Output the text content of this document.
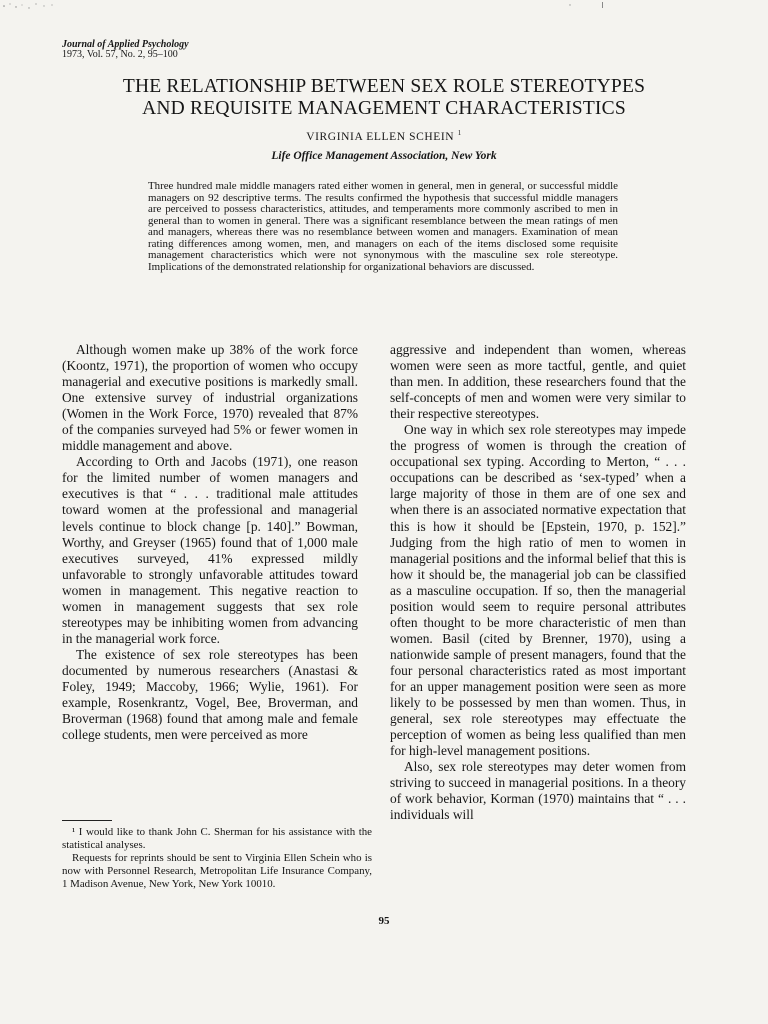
Journal of Applied Psychology
1973, Vol. 57, No. 2, 95–100
THE RELATIONSHIP BETWEEN SEX ROLE STEREOTYPES
AND REQUISITE MANAGEMENT CHARACTERISTICS
VIRGINIA ELLEN SCHEIN $^1$
Life Office Management Association, New York
Three hundred male middle managers rated either women in general, men in general, or successful middle managers on 92 descriptive terms. The results confirmed the hypothesis that successful middle managers are perceived to possess characteristics, attitudes, and temperaments more commonly ascribed to men in general than to women in general. There was a significant resemblance between the mean ratings of men and managers, whereas there was no resemblance between women and managers. Examination of mean rating differences among women, men, and managers on each of the items disclosed some requisite management characteristics which were not synonymous with the masculine sex role stereotype. Implications of the demonstrated relationship for organizational behaviors are discussed.

Although women make up 38% of the work force (Koontz, 1971), the proportion of women who occupy managerial and executive positions is markedly small. One extensive survey of industrial organizations (Women in the Work Force, 1970) revealed that 87% of the companies surveyed had 5% or fewer women in middle management and above.

According to Orth and Jacobs (1971), one reason for the limited number of women managers and executives is that “ . . . traditional male attitudes toward women at the professional and managerial levels continue to block change [p. 140].” Bowman, Worthy, and Greyser (1965) found that of 1,000 male executives surveyed, 41% expressed mildly unfavorable to strongly unfavorable attitudes toward women in management. This negative reaction to women in management suggests that sex role stereotypes may be inhibiting women from advancing in the managerial work force.

The existence of sex role stereotypes has been documented by numerous researchers (Anastasi & Foley, 1949; Maccoby, 1966; Wylie, 1961). For example, Rosenkrantz, Vogel, Bee, Broverman, and Broverman (1968) found that among male and female college students, men were perceived as more

aggressive and independent than women, whereas women were seen as more tactful, gentle, and quiet than men. In addition, these researchers found that the self-concepts of men and women were very similar to their respective stereotypes.

One way in which sex role stereotypes may impede the progress of women is through the creation of occupational sex typing. According to Merton, “ . . . occupations can be described as ‘sex-typed’ when a large majority of those in them are of one sex and when there is an associated normative expectation that this is how it should be [Epstein, 1970, p. 152].” Judging from the high ratio of men to women in managerial positions and the informal belief that this is how it should be, the managerial job can be classified as a masculine occupation. If so, then the managerial position would seem to require personal attributes often thought to be more characteristic of men than women. Basil (cited by Brenner, 1970), using a nationwide sample of present managers, found that the four personal characteristics rated as most important for an upper management position were seen as more likely to be possessed by men than women. Thus, in general, sex role stereotypes may effectuate the perception of women as being less qualified than men for high-level management positions.

Also, sex role stereotypes may deter women from striving to succeed in managerial positions. In a theory of work behavior, Korman (1970) maintains that “ . . . individuals will

¹ I would like to thank John C. Sherman for his assistance with the statistical analyses.

Requests for reprints should be sent to Virginia Ellen Schein who is now with Personnel Research, Metropolitan Life Insurance Company, 1 Madison Avenue, New York, New York 10010.

95
